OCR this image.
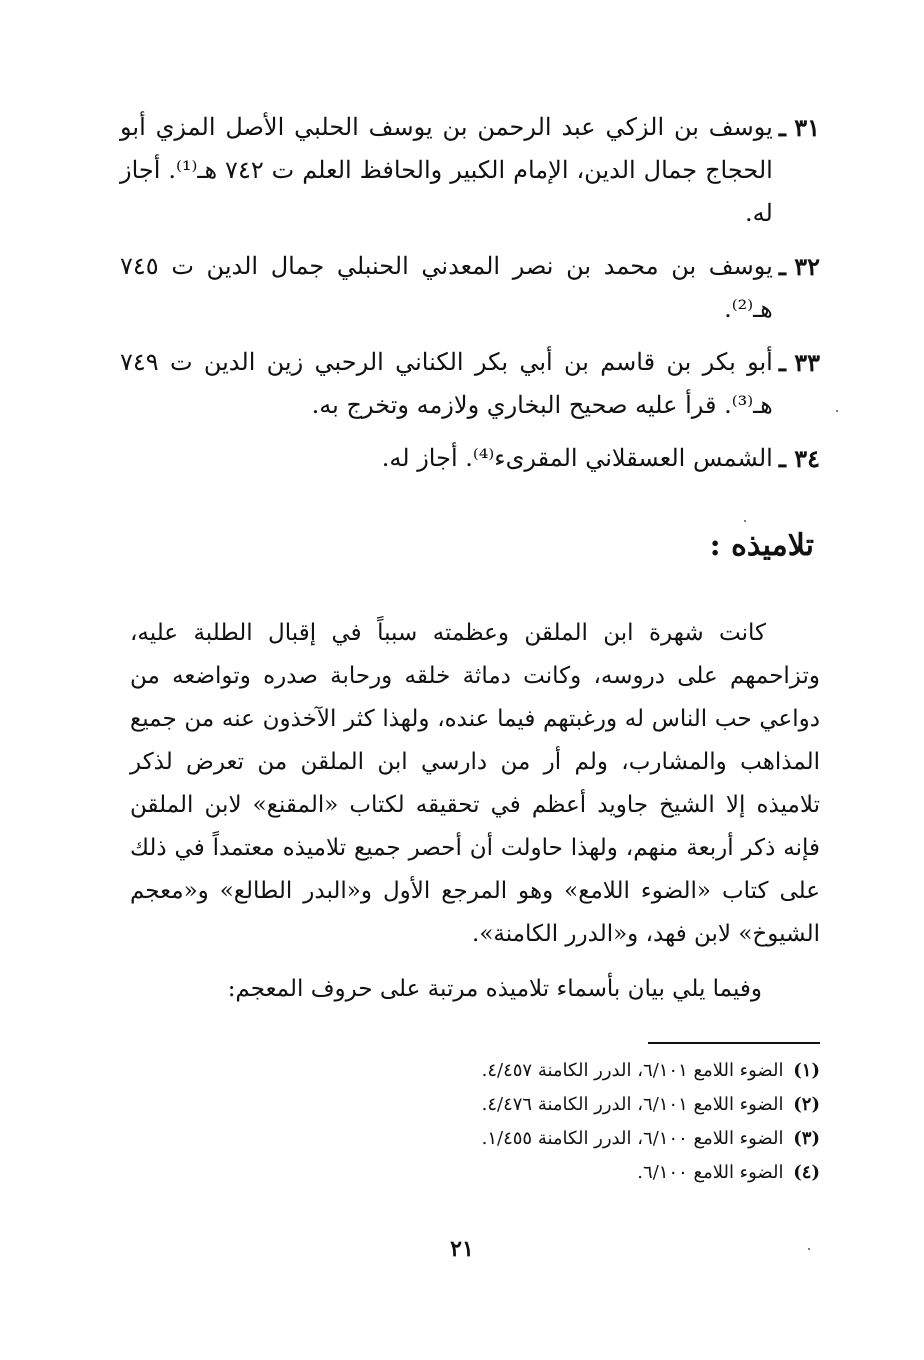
٣١ ـ
يوسف بن الزكي عبد الرحمن بن يوسف الحلبي الأصل المزي أبو الحجاج جمال الدين، الإمام الكبير والحافظ العلم ت ٧٤٢ هـ⁽¹⁾. أجاز له.
٣٢ ـ
يوسف بن محمد بن نصر المعدني الحنبلي جمال الدين ت ٧٤٥ هـ⁽²⁾.
٣٣ ـ
أبو بكر بن قاسم بن أبي بكر الكناني الرحبي زين الدين ت ٧٤٩ هـ⁽³⁾. قرأ عليه صحيح البخاري ولازمه وتخرج به.
٣٤ ـ
الشمس العسقلاني المقرىء⁽⁴⁾. أجاز له.
تلاميذه :

كانت شهرة ابن الملقن وعظمته سبباً في إقبال الطلبة عليه، وتزاحمهم على دروسه، وكانت دماثة خلقه ورحابة صدره وتواضعه من دواعي حب الناس له ورغبتهم فيما عنده، ولهذا كثر الآخذون عنه من جميع المذاهب والمشارب، ولم أر من دارسي ابن الملقن من تعرض لذكر تلاميذه إلا الشيخ جاويد أعظم في تحقيقه لكتاب «المقنع» لابن الملقن فإنه ذكر أربعة منهم، ولهذا حاولت أن أحصر جميع تلاميذه معتمداً في ذلك على كتاب «الضوء اللامع» وهو المرجع الأول و«البدر الطالع» و«معجم الشيوخ» لابن فهد، و«الدرر الكامنة».

وفيما يلي بيان بأسماء تلاميذه مرتبة على حروف المعجم:

(١) الضوء اللامع ٦/١٠١، الدرر الكامنة ٤/٤٥٧.
(٢) الضوء اللامع ٦/١٠١، الدرر الكامنة ٤/٤٧٦.
(٣) الضوء اللامع ٦/١٠٠، الدرر الكامنة ١/٤٥٥.
(٤) الضوء اللامع ٦/١٠٠.
٢١
